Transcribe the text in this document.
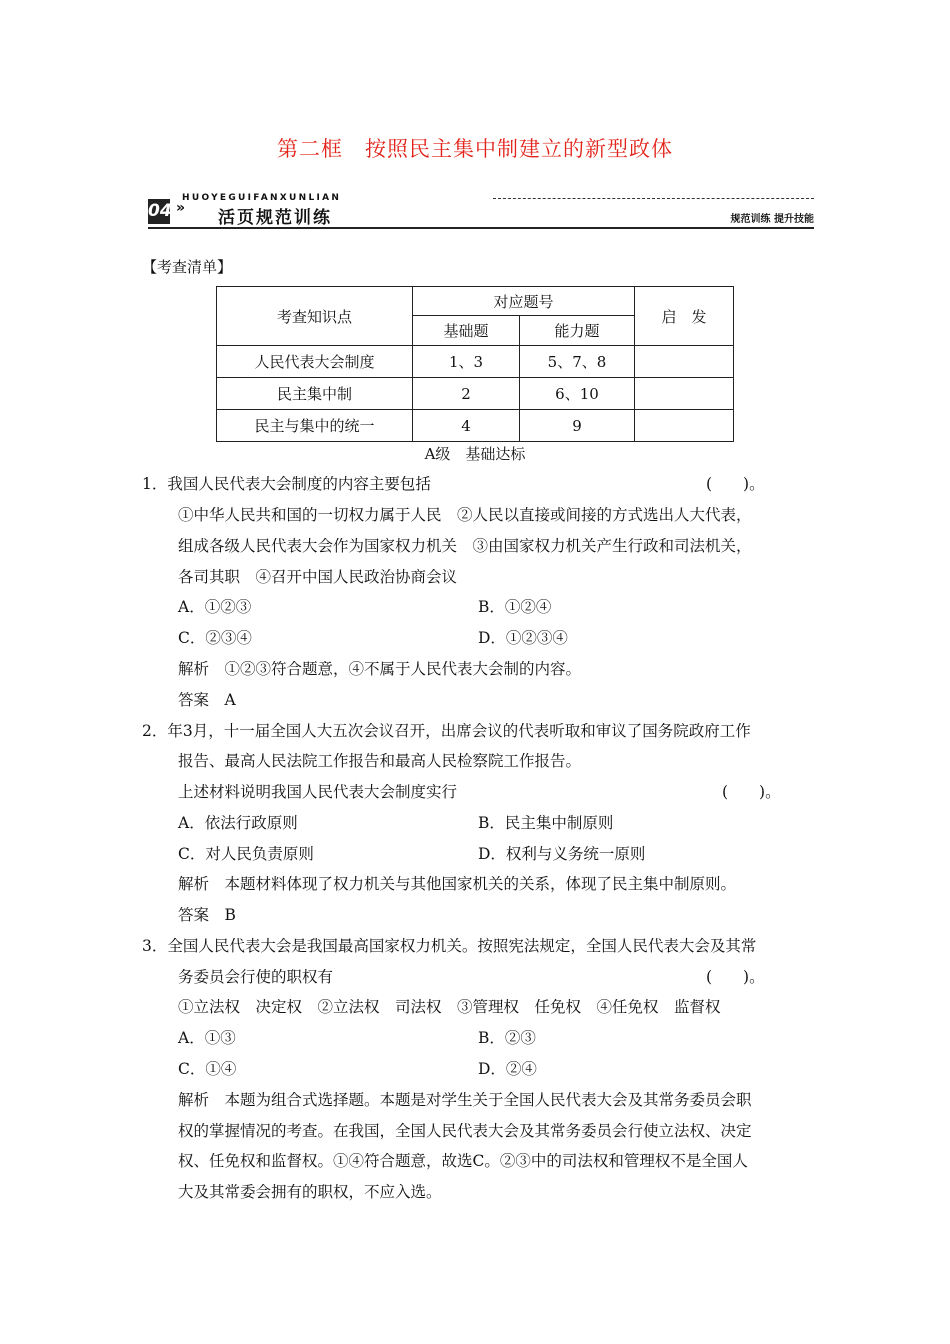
第二框　按照民主集中制建立的新型政体
HUOYEGUIFANXUNLIAN
04 » 活页规范训练	规范训练 提升技能
【考查清单】
考查知识点	对应题号		启　发
	基础题	能力题	
人民代表大会制度	1、3	5、7、8	
民主集中制	2	6、10	
民主与集中的统一	4	9	
A级　基础达标
1．我国人民代表大会制度的内容主要包括	(　　)。
①中华人民共和国的一切权力属于人民　②人民以直接或间接的方式选出人大代表，
组成各级人民代表大会作为国家权力机关　③由国家权力机关产生行政和司法机关，
各司其职　④召开中国人民政治协商会议
A．①②③	B．①②④
C．②③④	D．①②③④
解析　①②③符合题意，④不属于人民代表大会制的内容。
答案　A
2．年3月，十一届全国人大五次会议召开，出席会议的代表听取和审议了国务院政府工作
报告、最高人民法院工作报告和最高人民检察院工作报告。
上述材料说明我国人民代表大会制度实行	(　　)。
A．依法行政原则	B．民主集中制原则
C．对人民负责原则	D．权利与义务统一原则
解析　本题材料体现了权力机关与其他国家机关的关系，体现了民主集中制原则。
答案　B
3．全国人民代表大会是我国最高国家权力机关。按照宪法规定，全国人民代表大会及其常
务委员会行使的职权有	(　　)。
①立法权　决定权　②立法权　司法权　③管理权　任免权　④任免权　监督权
A．①③	B．②③
C．①④	D．②④
解析　本题为组合式选择题。本题是对学生关于全国人民代表大会及其常务委员会职
权的掌握情况的考查。在我国，全国人民代表大会及其常务委员会行使立法权、决定
权、任免权和监督权。①④符合题意，故选C。②③中的司法权和管理权不是全国人
大及其常委会拥有的职权，不应入选。
